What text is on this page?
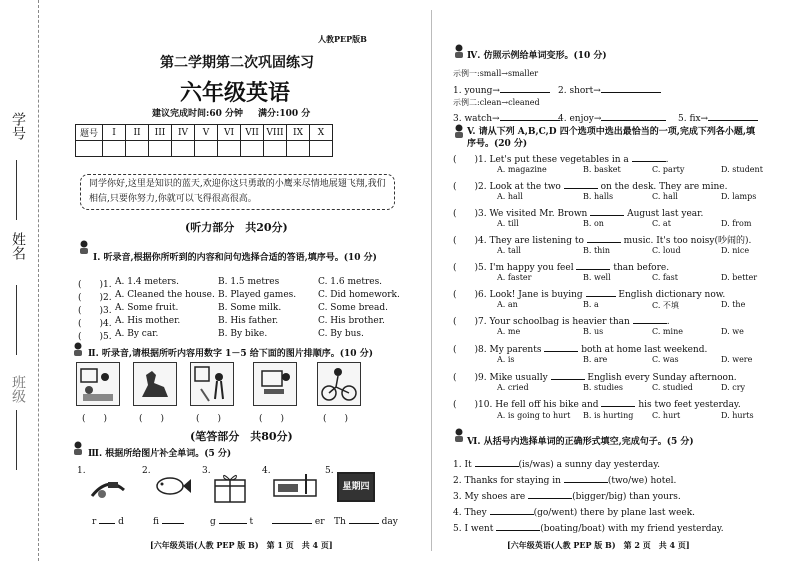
学号
姓名
班级
人教PEP版B
第二学期第二次巩固练习
六年级英语
建议完成时间:60 分钟 满分:100 分
题号	I	II	III	IV	V	VI	VII	VIII	IX	X

同学你好,这里是知识的蓝天,欢迎你这只勇敢的小鹰来尽情地展翅飞翔,我们相信,只要你努力,你就可以飞得很高很高。
(听力部分　共20分)
Ⅰ. 听录音,根据你所听到的内容和问句选择合适的答语,填序号。(10 分)
(　　)1. A. 1.4 meters.	B. 1.5 metres	C. 1.6 metres.
(　　)2. A. Cleaned the house. B. Played games. C. Did homework.
(　　)3. A. Some fruit.	B. Some milk.	C. Some bread.
(　　)4. A. His mother.	B. His father.	C. His brother.
(　　)5. A. By car.	B. By bike.	C. By bus.
Ⅱ. 听录音,请根据所听内容用数字 1－5 给下面的图片排顺序。(10 分)
(　　)	(　　)	(　　)	(　　)	(　　)
(笔答部分　共80分)
Ⅲ. 根据所给图片补全单词。(5 分)
1.	2.	3.	4.	5.
星期四
r d	fi	g	t	er Th	day
[六年级英语(人教 PEP 版 B)　第 1 页　共 4 页]
Ⅳ. 仿照示例给单词变形。(10 分)
示例一:small→smaller
1. young→	2. short→
示例二:clean→cleaned
3. watch→	4. enjoy→	5. fix→
V. 请从下列 A,B,C,D 四个选项中选出最恰当的一项,完成下列各小题,填
序号。(20 分)
(　　)1. Let's put these vegetables in a	.
A. magazine	B. basket	C. party	D. student
(　　)2. Look at the two	on the desk. They are mine.
A. hall	B. halls	C. hall	D. lamps
(　　)3. We visited Mr. Brown	August last year.
A. till	B. on	C. at	D. from
(　　)4. They are listening to	music. It's too noisy(吵闹的).
A. tall	B. thin	C. loud	D. nice
(　　)5. I'm happy you feel	than before.
A. faster	B. well	C. fast	D. better
(　　)6. Look! Jane is buying	English dictionary now.
A. an	B. a	C. 不填	D. the
(　　)7. Your schoolbag is heavier than	.
A. me	B. us	C. mine	D. we
(　　)8. My parents	both at home last weekend.
A. is	B. are	C. was	D. were
(　　)9. Mike usually	English every Sunday afternoon.
A. cried	B. studies	C. studied	D. cry
(　　)10. He fell off his bike and	his two feet yesterday.
A. is going to hurt B. is hurting C. hurt	D. hurts
Ⅵ. 从括号内选择单词的正确形式填空,完成句子。(5 分)
1. It	(is/was) a sunny day yesterday.
2. Thanks for staying in	(two/we) hotel.
3. My shoes are	(bigger/big) than yours.
4. They	(go/went) there by plane last week.
5. I went	(boating/boat) with my friend yesterday.
[六年级英语(人教 PEP 版 B)　第 2 页　共 4 页]
